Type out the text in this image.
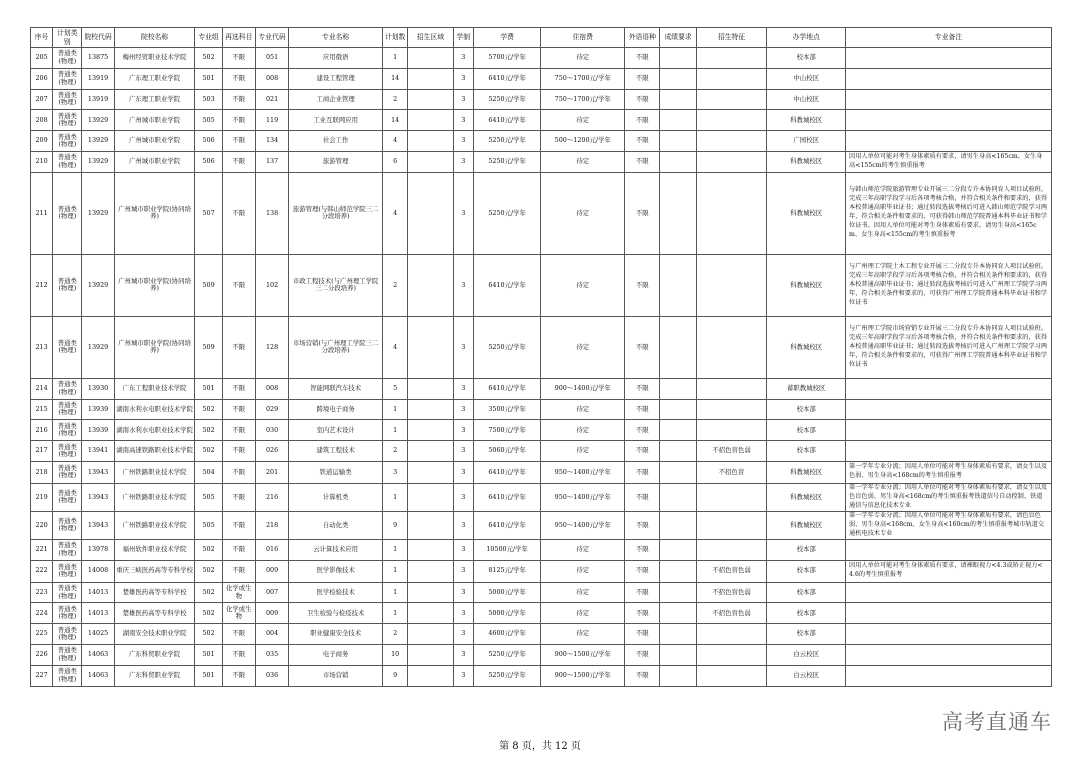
序号	计划类别	院校代码	院校名称	专业组	再选科目	专业代码	专业名称	计划数	招生区域	学制	学费	住宿费	外语语种	成绩要求	招生特征	办学地点	专业备注
205	普通类(物理)	13875	梅州经贸职业技术学院	502	不限	051	应用俄语	1		3	5700元/学年	待定	不限			校本部	
206	普通类(物理)	13919	广东理工职业学院	501	不限	008	建设工程管理	14		3	6410元/学年	750～1700元/学年	不限			中山校区	
207	普通类(物理)	13919	广东理工职业学院	503	不限	021	工商企业管理	2		3	5250元/学年	750～1700元/学年	不限			中山校区	
208	普通类(物理)	13929	广州城市职业学院	505	不限	119	工业互联网应用	14		3	6410元/学年	待定	不限			科教城校区	
209	普通类(物理)	13929	广州城市职业学院	506	不限	134	社会工作	4		3	5250元/学年	500～1200元/学年	不限			广园校区	
210	普通类(物理)	13929	广州城市职业学院	506	不限	137	旅游管理	6		3	5250元/学年	待定	不限			科教城校区	因用人单位可能对考生身体素质有要求，请男生身高<165cm、女生身高<155cm的考生慎重报考
211	普通类(物理)	13929	广州城市职业学院(协同培养)	507	不限	138	旅游管理(与韩山师范学院三二分段培养)	4		3	5250元/学年	待定	不限			科教城校区	与韩山师范学院旅游管理专业开展三二分段专升本协同育人项目试验班。完成三年高职学段学习后各项考核合格，并符合相关条件和要求的，获得本校普通高职毕业证书；通过转段选拔考核后可进入韩山师范学院学习两年，符合相关条件和要求的，可获得韩山师范学院普通本科毕业证书和学位证书。因用人单位可能对考生身体素质有要求，请男生身高<165cm、女生身高<155cm的考生慎重报考
212	普通类(物理)	13929	广州城市职业学院(协同培养)	509	不限	102	市政工程技术(与广州理工学院三二分段培养)	2		3	6410元/学年	待定	不限			科教城校区	与广州理工学院土木工程专业开展三二分段专升本协同育人项目试验班。完成三年高职学段学习后各项考核合格，并符合相关条件和要求的，获得本校普通高职毕业证书；通过转段选拔考核后可进入广州理工学院学习两年，符合相关条件和要求的，可获得广州理工学院普通本科毕业证书和学位证书
213	普通类(物理)	13929	广州城市职业学院(协同培养)	509	不限	128	市场营销(与广州理工学院三二分段培养)	4		3	5250元/学年	待定	不限			科教城校区	与广州理工学院市场营销专业开展三二分段专升本协同育人项目试验班。完成三年高职学段学习后各项考核合格，并符合相关条件和要求的，获得本校普通高职毕业证书；通过转段选拔考核后可进入广州理工学院学习两年，符合相关条件和要求的，可获得广州理工学院普通本科毕业证书和学位证书
214	普通类(物理)	13930	广东工程职业技术学院	501	不限	008	智能网联汽车技术	5		3	6410元/学年	900～1400元/学年	不限			蓄职教城校区	
215	普通类(物理)	13939	湖南水利水电职业技术学院	502	不限	029	跨境电子商务	1		3	3500元/学年	待定	不限			校本部	
216	普通类(物理)	13939	湖南水利水电职业技术学院	502	不限	030	室内艺术设计	1		3	7500元/学年	待定	不限			校本部	
217	普通类(物理)	13941	湖南高速铁路职业技术学院	502	不限	026	建筑工程技术	2		3	5060元/学年	待定	不限		不招色盲色弱	校本部	
218	普通类(物理)	13943	广州铁路职业技术学院	504	不限	201	铁道运输类	3		3	6410元/学年	950～1400元/学年	不限		不招色盲	科教城校区	第一学年专业分流；因用人单位可能对考生身体素质有要求，请女生以及色弱、男生身高<168cm的考生慎重报考
219	普通类(物理)	13943	广州铁路职业技术学院	505	不限	216	计算机类	1		3	6410元/学年	950～1400元/学年	不限			科教城校区	第一学年专业分流；因用人单位可能对考生身体素质有要求，请女生以及色盲色弱、男生身高<168cm的考生慎重报考铁道信号自动控制、铁道通信与信息化技术专业
220	普通类(物理)	13943	广州铁路职业技术学院	505	不限	218	自动化类	9		3	6410元/学年	950～1400元/学年	不限			科教城校区	第一学年专业分流；因用人单位可能对考生身体素质有要求，请色盲色弱、男生身高<168cm、女生身高<160cm的考生慎重报考城市轨道交通机电技术专业
221	普通类(物理)	13978	福州软件职业技术学院	502	不限	016	云计算技术应用	1		3	10500元/学年	待定	不限			校本部	
222	普通类(物理)	14008	重庆三峡医药高等专科学校	502	不限	009	医学影像技术	1		3	8125元/学年	待定	不限		不招色盲色弱	校本部	因用人单位可能对考生身体素质有要求，请裸眼视力<4.3或矫正视力<4.6的考生慎重报考
223	普通类(物理)	14013	楚雄医药高等专科学校	502	化学或生物	007	医学检验技术	1		3	5000元/学年	待定	不限		不招色盲色弱	校本部	
224	普通类(物理)	14013	楚雄医药高等专科学校	502	化学或生物	009	卫生检验与检疫技术	1		3	5000元/学年	待定	不限		不招色盲色弱	校本部	
225	普通类(物理)	14025	湖南安全技术职业学院	502	不限	004	职业健康安全技术	2		3	4600元/学年	待定	不限			校本部	
226	普通类(物理)	14063	广东科贸职业学院	501	不限	035	电子商务	10		3	5250元/学年	900～1500元/学年	不限			白云校区	
227	普通类(物理)	14063	广东科贸职业学院	501	不限	036	市场营销	9		3	5250元/学年	900～1500元/学年	不限			白云校区	
第 8 页，共 12 页
高考直通车
